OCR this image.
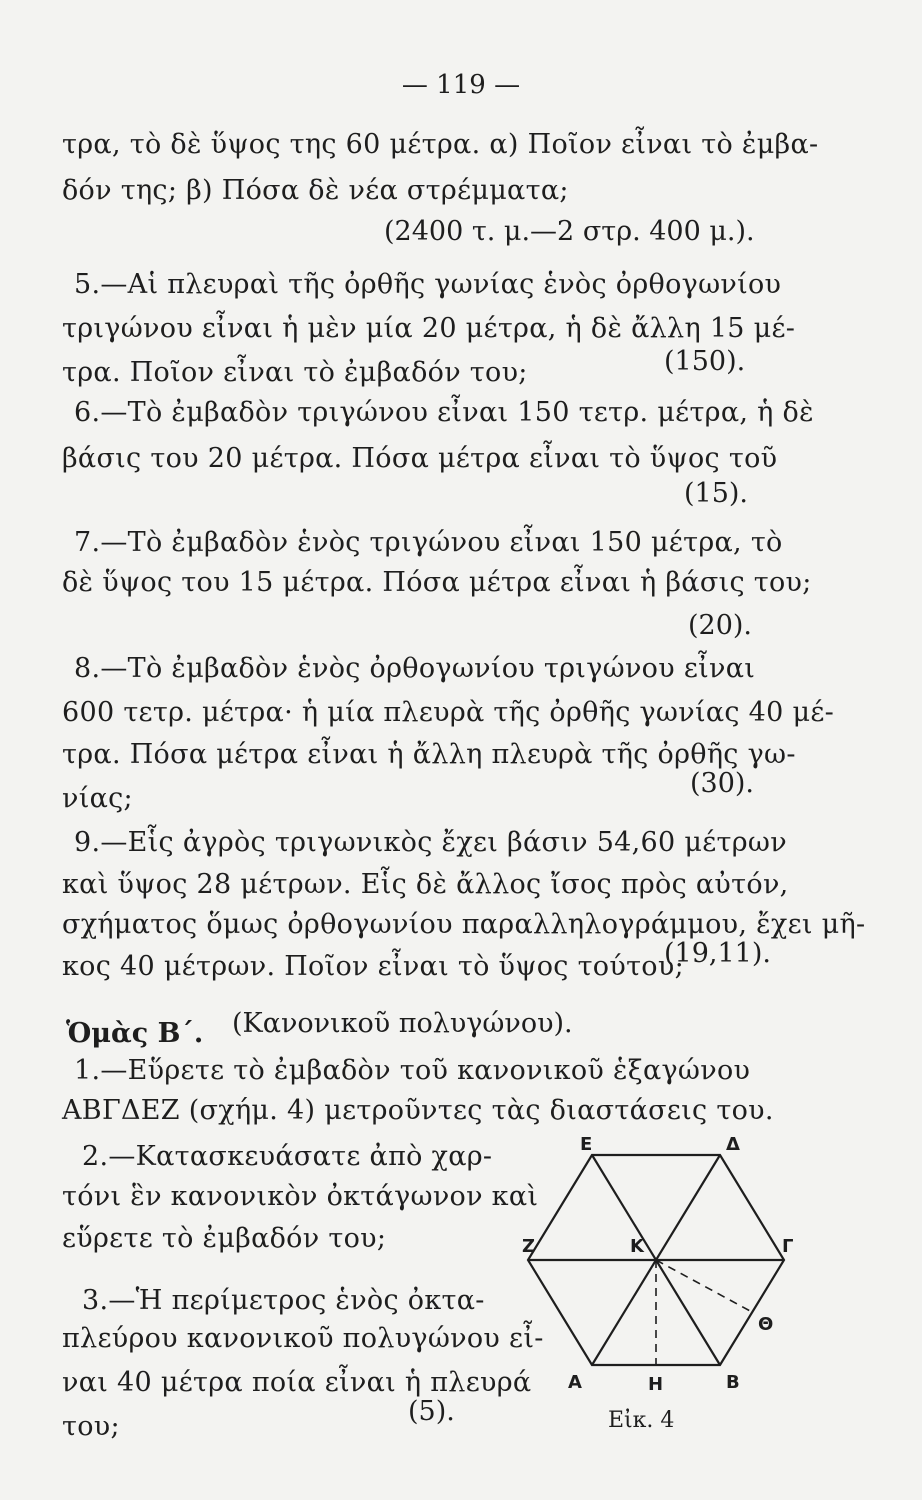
— 119 —
τρα, τὸ δὲ ὕψος της 60 μέτρα. α) Ποῖον εἶναι τὸ ἐμβα-
δόν της; β) Πόσα δὲ νέα στρέμματα;
(2400 τ. μ.—2 στρ. 400 μ.).
5.—Αἱ πλευραὶ τῆς ὀρθῆς γωνίας ἑνὸς ὀρθογωνίου
τριγώνου εἶναι ἡ μὲν μία 20 μέτρα, ἡ δὲ ἄλλη 15 μέ-
τρα. Ποῖον εἶναι τὸ ἐμβαδόν του;	(150).
6.—Τὸ ἐμβαδὸν τριγώνου εἶναι 150 τετρ. μέτρα, ἡ δὲ
βάσις του 20 μέτρα. Πόσα μέτρα εἶναι τὸ ὕψος τοῦ
(15).
7.—Τὸ ἐμβαδὸν ἑνὸς τριγώνου εἶναι 150 μέτρα, τὸ
δὲ ὕψος του 15 μέτρα. Πόσα μέτρα εἶναι ἡ βάσις του;
(20).
8.—Τὸ ἐμβαδὸν ἑνὸς ὀρθογωνίου τριγώνου εἶναι
600 τετρ. μέτρα· ἡ μία πλευρὰ τῆς ὀρθῆς γωνίας 40 μέ-
τρα. Πόσα μέτρα εἶναι ἡ ἄλλη πλευρὰ τῆς ὀρθῆς γω-
νίας;	(30).
9.—Εἷς ἀγρὸς τριγωνικὸς ἔχει βάσιν 54,60 μέτρων
καὶ ὕψος 28 μέτρων. Εἷς δὲ ἄλλος ἴσος πρὸς αὐτόν,
σχήματος ὅμως ὀρθογωνίου παραλληλογράμμου, ἔχει μῆ-
κος 40 μέτρων. Ποῖον εἶναι τὸ ὕψος τούτου;
(19,11).
Ὁμὰς Β΄. (Κανονικοῦ πολυγώνου).
1.—Εὕρετε τὸ ἐμβαδὸν τοῦ κανονικοῦ ἑξαγώνου
ΑΒΓΔΕΖ (σχήμ. 4) μετροῦντες τὰς διαστάσεις του.
2.—Κατασκευάσατε ἀπὸ χαρ-
τόνι ἓν κανονικὸν ὀκτάγωνον καὶ
εὕρετε τὸ ἐμβαδόν του;
3.—Ἡ περίμετρος ἑνὸς ὀκτα-
πλεύρου κανονικοῦ πολυγώνου εἶ-
ναι 40 μέτρα ποία εἶναι ἡ πλευρά
του;	(5).
Ε	Δ
Ζ	Κ	Γ
Θ
Α	Η	Β
Εἰκ. 4
